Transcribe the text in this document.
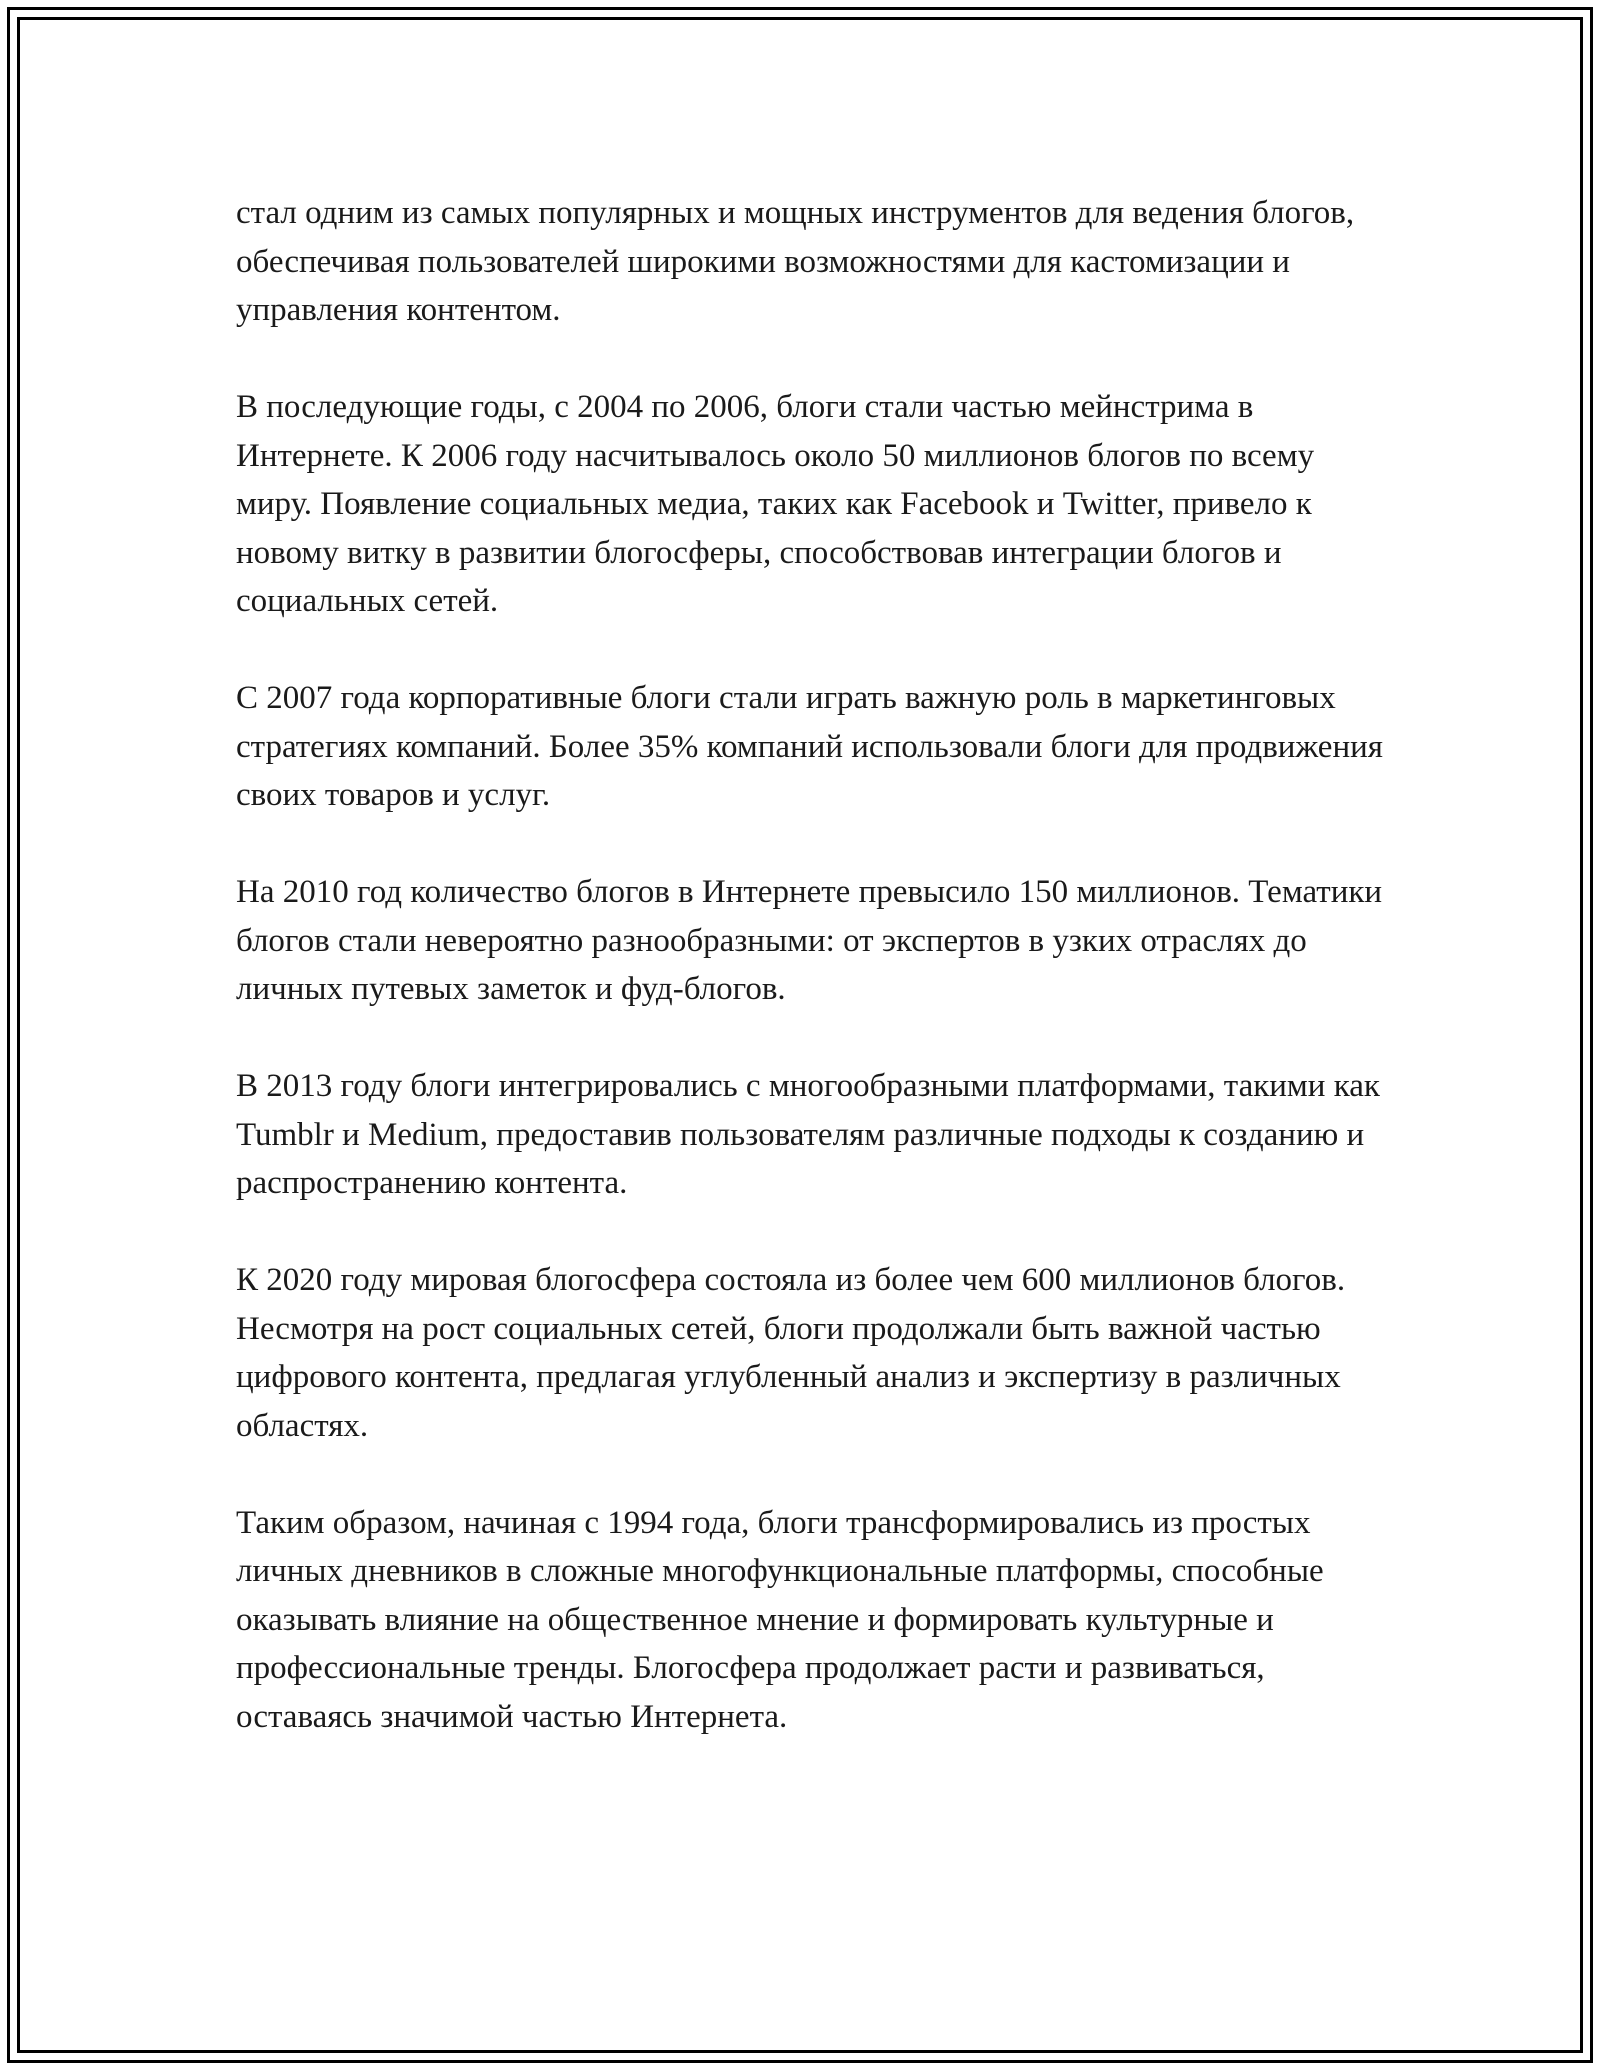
стал одним из самых популярных и мощных инструментов для ведения блогов, обеспечивая пользователей широкими возможностями для кастомизации и управления контентом.

В последующие годы, с 2004 по 2006, блоги стали частью мейнстрима в Интернете. К 2006 году насчитывалось около 50 миллионов блогов по всему миру. Появление социальных медиа, таких как Facebook и Twitter, привело к новому витку в развитии блогосферы, способствовав интеграции блогов и социальных сетей.

С 2007 года корпоративные блоги стали играть важную роль в маркетинговых стратегиях компаний. Более 35% компаний использовали блоги для продвижения своих товаров и услуг.

На 2010 год количество блогов в Интернете превысило 150 миллионов. Тематики блогов стали невероятно разнообразными: от экспертов в узких отраслях до личных путевых заметок и фуд-блогов.

В 2013 году блоги интегрировались с многообразными платформами, такими как Tumblr и Medium, предоставив пользователям различные подходы к созданию и распространению контента.

К 2020 году мировая блогосфера состояла из более чем 600 миллионов блогов. Несмотря на рост социальных сетей, блоги продолжали быть важной частью цифрового контента, предлагая углубленный анализ и экспертизу в различных областях.

Таким образом, начиная с 1994 года, блоги трансформировались из простых личных дневников в сложные многофункциональные платформы, способные оказывать влияние на общественное мнение и формировать культурные и профессиональные тренды. Блогосфера продолжает расти и развиваться, оставаясь значимой частью Интернета.
